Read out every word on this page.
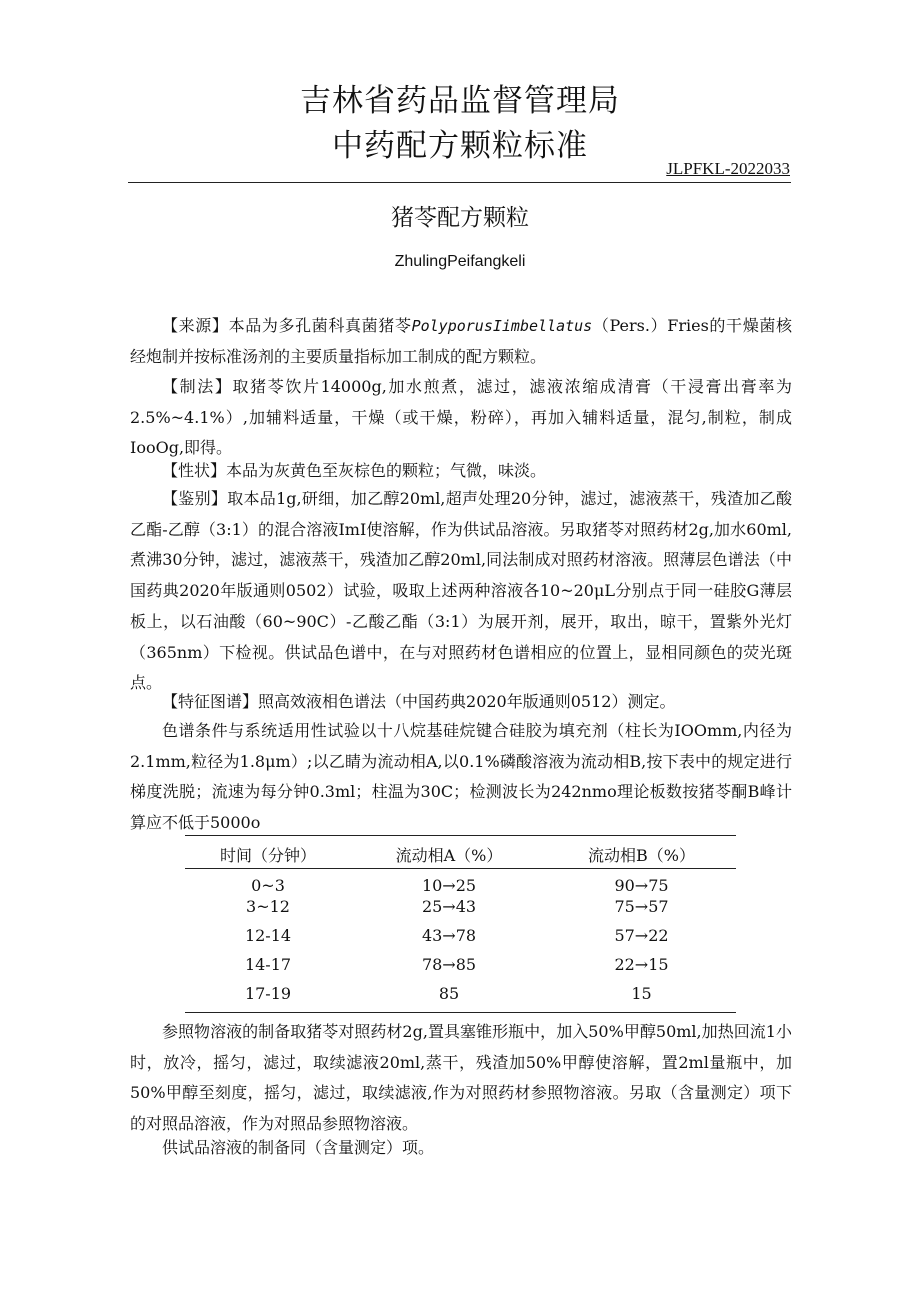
吉林省药品监督管理局
中药配方颗粒标准
JLPFKL-2022033
猪苓配方颗粒
ZhulingPeifangkeli

【来源】本品为多孔菌科真菌猪苓PolyporusIimbellatus（Pers.）Fries的干燥菌核经炮制并按标准汤剂的主要质量指标加工制成的配方颗粒。

【制法】取猪苓饮片14000g,加水煎煮，滤过，滤液浓缩成清膏（干浸膏出膏率为2.5%~4.1%）,加辅料适量，干燥（或干燥，粉碎），再加入辅料适量，混匀,制粒，制成IooOg,即得。

【性状】本品为灰黄色至灰棕色的颗粒；气微，味淡。

【鉴别】取本品1g,研细，加乙醇20ml,超声处理20分钟，滤过，滤液蒸干，残渣加乙酸乙酯-乙醇（3:1）的混合溶液ImI使溶解，作为供试品溶液。另取猪苓对照药材2g,加水60ml,煮沸30分钟，滤过，滤液蒸干，残渣加乙醇20ml,同法制成对照药材溶液。照薄层色谱法（中国药典2020年版通则0502）试验，吸取上述两种溶液各10~20μL分别点于同一硅胶G薄层板上，以石油酸（60~90C）-乙酸乙酯（3:1）为展开剂，展开，取出，晾干，置紫外光灯（365nm）下检视。供试品色谱中，在与对照药材色谱相应的位置上，显相同颜色的荧光斑点。

【特征图谱】照高效液相色谱法（中国药典2020年版通则0512）测定。

色谱条件与系统适用性试验以十八烷基硅烷键合硅胶为填充剂（柱长为IOOmm,内径为2.1mm,粒径为1.8μm）;以乙睛为流动相A,以0.1%磷酸溶液为流动相B,按下表中的规定进行梯度洗脱；流速为每分钟0.3ml；柱温为30C；检测波长为242nmo理论板数按猪苓酮B峰计算应不低于5000o

时间（分钟）	流动相A（%）	流动相B（%）
0~3	10→25	90→75
3~12	25→43	75→57
12-14	43→78	57→22
14-17	78→85	22→15
17-19	85	15

参照物溶液的制备取猪苓对照药材2g,置具塞锥形瓶中，加入50%甲醇50ml,加热回流1小时，放冷，摇匀，滤过，取续滤液20ml,蒸干，残渣加50%甲醇使溶解，置2ml量瓶中，加50%甲醇至刻度，摇匀，滤过，取续滤液,作为对照药材参照物溶液。另取（含量测定）项下的对照品溶液，作为对照品参照物溶液。

供试品溶液的制备同（含量测定）项。
